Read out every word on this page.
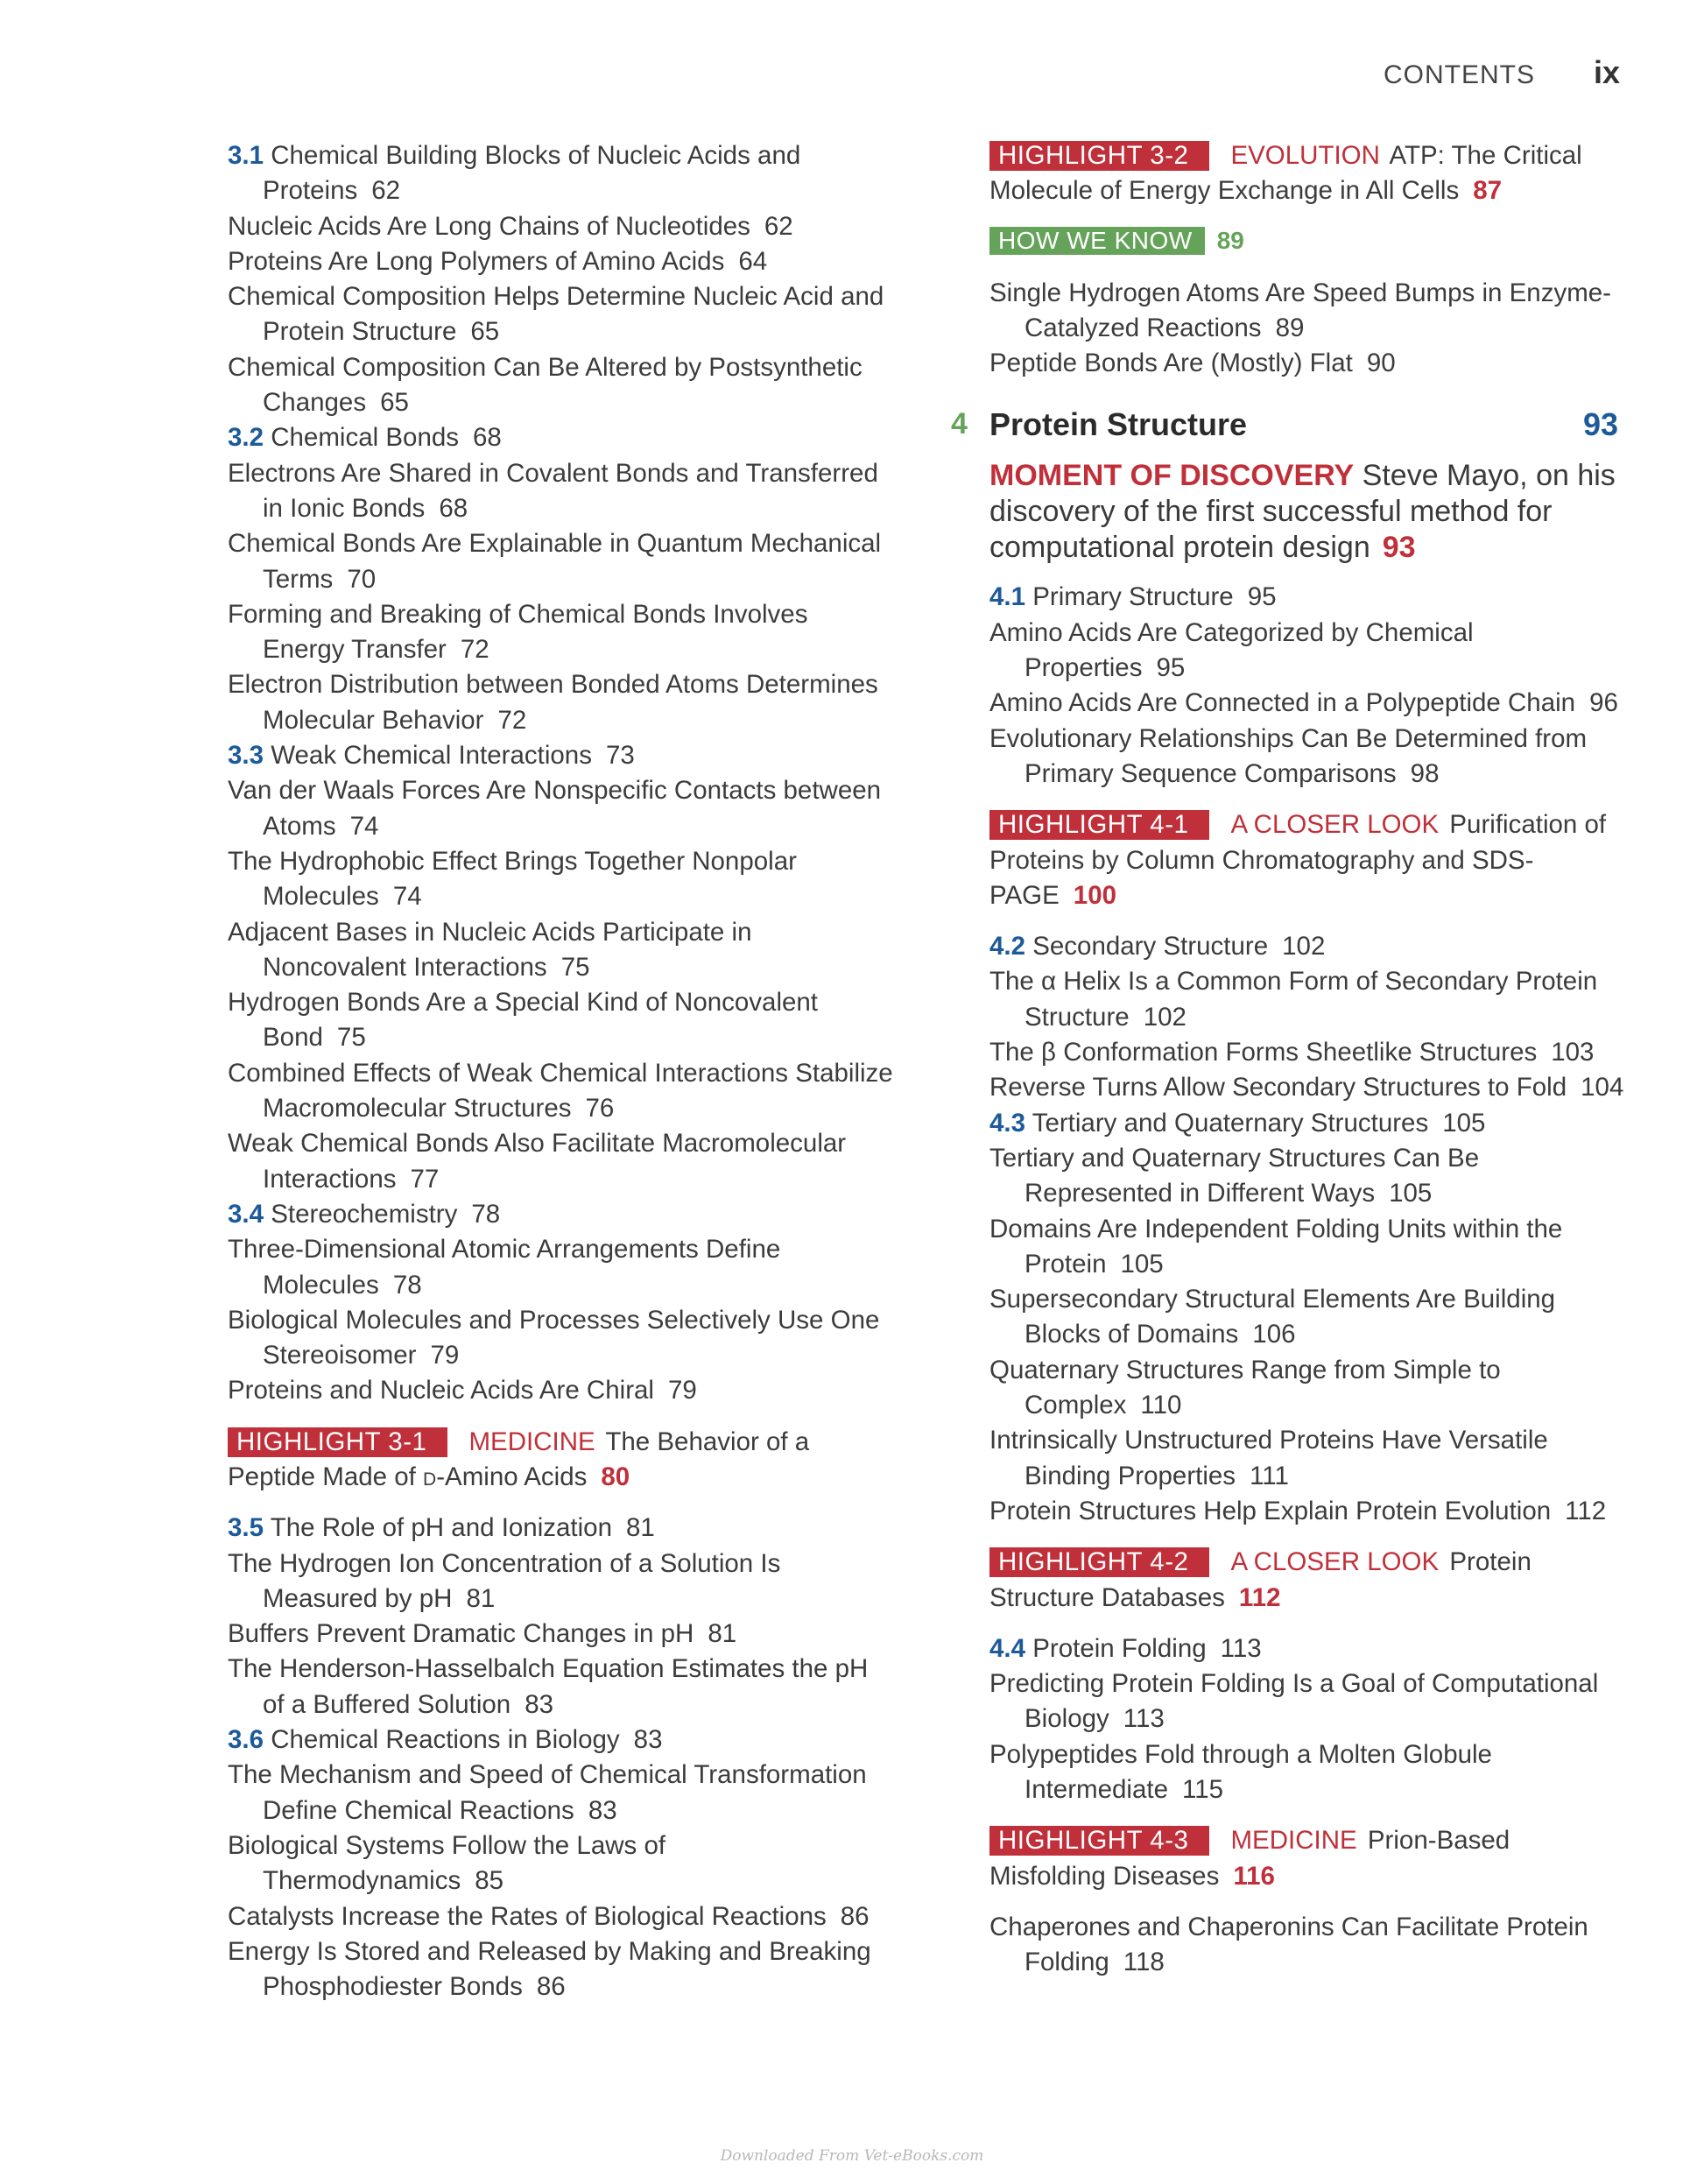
CONTENTS ix
3.1 Chemical Building Blocks of Nucleic Acids and Proteins 62
Nucleic Acids Are Long Chains of Nucleotides 62
Proteins Are Long Polymers of Amino Acids 64
Chemical Composition Helps Determine Nucleic Acid and Protein Structure 65
Chemical Composition Can Be Altered by Postsynthetic Changes 65
3.2 Chemical Bonds 68
Electrons Are Shared in Covalent Bonds and Transferred in Ionic Bonds 68
Chemical Bonds Are Explainable in Quantum Mechanical Terms 70
Forming and Breaking of Chemical Bonds Involves Energy Transfer 72
Electron Distribution between Bonded Atoms Determines Molecular Behavior 72
3.3 Weak Chemical Interactions 73
Van der Waals Forces Are Nonspecific Contacts between Atoms 74
The Hydrophobic Effect Brings Together Nonpolar Molecules 74
Adjacent Bases in Nucleic Acids Participate in Noncovalent Interactions 75
Hydrogen Bonds Are a Special Kind of Noncovalent Bond 75
Combined Effects of Weak Chemical Interactions Stabilize Macromolecular Structures 76
Weak Chemical Bonds Also Facilitate Macromolecular Interactions 77
3.4 Stereochemistry 78
Three-Dimensional Atomic Arrangements Define Molecules 78
Biological Molecules and Processes Selectively Use One Stereoisomer 79
Proteins and Nucleic Acids Are Chiral 79
HIGHLIGHT 3-1 MEDICINE The Behavior of a Peptide Made of d-Amino Acids 80
3.5 The Role of pH and Ionization 81
The Hydrogen Ion Concentration of a Solution Is Measured by pH 81
Buffers Prevent Dramatic Changes in pH 81
The Henderson-Hasselbalch Equation Estimates the pH of a Buffered Solution 83
3.6 Chemical Reactions in Biology 83
The Mechanism and Speed of Chemical Transformation Define Chemical Reactions 83
Biological Systems Follow the Laws of Thermodynamics 85
Catalysts Increase the Rates of Biological Reactions 86
Energy Is Stored and Released by Making and Breaking Phosphodiester Bonds 86
HIGHLIGHT 3-2 EVOLUTION ATP: The Critical Molecule of Energy Exchange in All Cells 87
HOW WE KNOW 89
Single Hydrogen Atoms Are Speed Bumps in Enzyme-Catalyzed Reactions 89
Peptide Bonds Are (Mostly) Flat 90
4 Protein Structure	93
MOMENT OF DISCOVERY Steve Mayo, on his discovery of the first successful method for computational protein design 93
4.1 Primary Structure 95
Amino Acids Are Categorized by Chemical Properties 95
Amino Acids Are Connected in a Polypeptide Chain 96
Evolutionary Relationships Can Be Determined from Primary Sequence Comparisons 98
HIGHLIGHT 4-1 A CLOSER LOOK Purification of Proteins by Column Chromatography and SDS-PAGE 100
4.2 Secondary Structure 102
The α Helix Is a Common Form of Secondary Protein Structure 102
The β Conformation Forms Sheetlike Structures 103
Reverse Turns Allow Secondary Structures to Fold 104
4.3 Tertiary and Quaternary Structures 105
Tertiary and Quaternary Structures Can Be Represented in Different Ways 105
Domains Are Independent Folding Units within the Protein 105
Supersecondary Structural Elements Are Building Blocks of Domains 106
Quaternary Structures Range from Simple to Complex 110
Intrinsically Unstructured Proteins Have Versatile Binding Properties 111
Protein Structures Help Explain Protein Evolution 112
HIGHLIGHT 4-2 A CLOSER LOOK Protein Structure Databases 112
4.4 Protein Folding 113
Predicting Protein Folding Is a Goal of Computational Biology 113
Polypeptides Fold through a Molten Globule Intermediate 115
HIGHLIGHT 4-3 MEDICINE Prion-Based Misfolding Diseases 116
Chaperones and Chaperonins Can Facilitate Protein Folding 118
Downloaded From Vet-eBooks.com
